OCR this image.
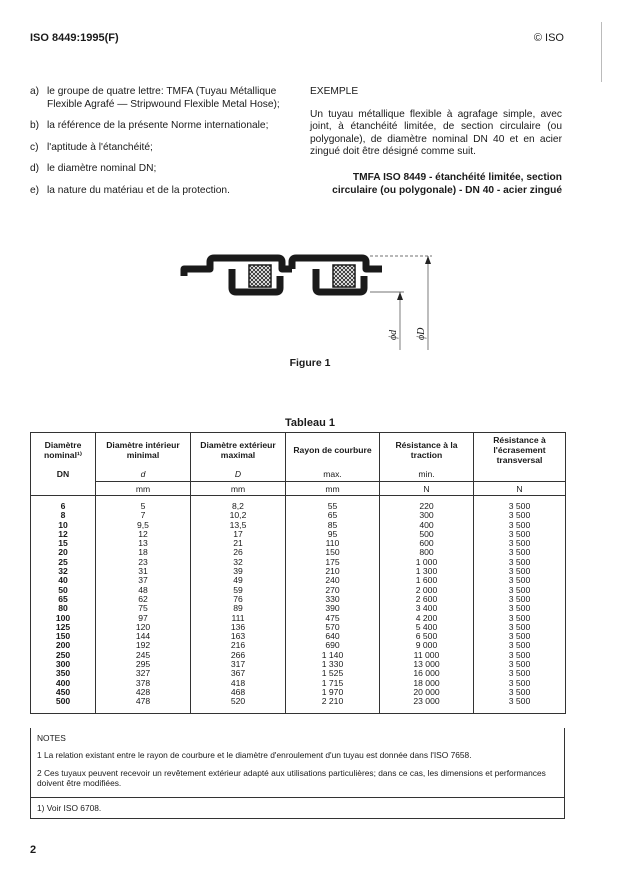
ISO 8449:1995(F)	© ISO
a) le groupe de quatre lettre: TMFA (Tuyau Métallique Flexible Agrafé — Stripwound Flexible Metal Hose);
b) la référence de la présente Norme internationale;
c) l'aptitude à l'étanchéité;
d) le diamètre nominal DN;
e) la nature du matériau et de la protection.
EXEMPLE
Un tuyau métallique flexible à agrafage simple, avec joint, à étanchéité limitée, de section circulaire (ou polygonale), de diamètre nominal DN 40 et en acier zingué doit être désigné comme suit.
TMFA ISO 8449 - étanchéité limitée, section
circulaire (ou polygonale) - DN 40 - acier zingué
ϕd ϕD
Figure 1
Tableau 1
Diamètre nominal¹⁾	Diamètre intérieur minimal	Diamètre extérieur maximal	Rayon de courbure	Résistance à la traction	Résistance à l'écrasement transversal
DN	d	D	max.	min.	
	mm	mm	mm	N	N
6	5	8,2	55	220	3 500
8	7	10,2	65	300	3 500
10	9,5	13,5	85	400	3 500
12	12	17	95	500	3 500
15	13	21	110	600	3 500
20	18	26	150	800	3 500
25	23	32	175	1 000	3 500
32	31	39	210	1 300	3 500
40	37	49	240	1 600	3 500
50	48	59	270	2 000	3 500
65	62	76	330	2 600	3 500
80	75	89	390	3 400	3 500
100	97	111	475	4 200	3 500
125	120	136	570	5 400	3 500
150	144	163	640	6 500	3 500
200	192	216	690	9 000	3 500
250	245	266	1 140	11 000	3 500
300	295	317	1 330	13 000	3 500
350	327	367	1 525	16 000	3 500
400	378	418	1 715	18 000	3 500
450	428	468	1 970	20 000	3 500
500	478	520	2 210	23 000	3 500
NOTES
1 La relation existant entre le rayon de courbure et le diamètre d'enroulement d'un tuyau est donnée dans l'ISO 7658.
2 Ces tuyaux peuvent recevoir un revêtement extérieur adapté aux utilisations particulières; dans ce cas, les dimensions et performances doivent être modifiées.
1) Voir ISO 6708.
2
